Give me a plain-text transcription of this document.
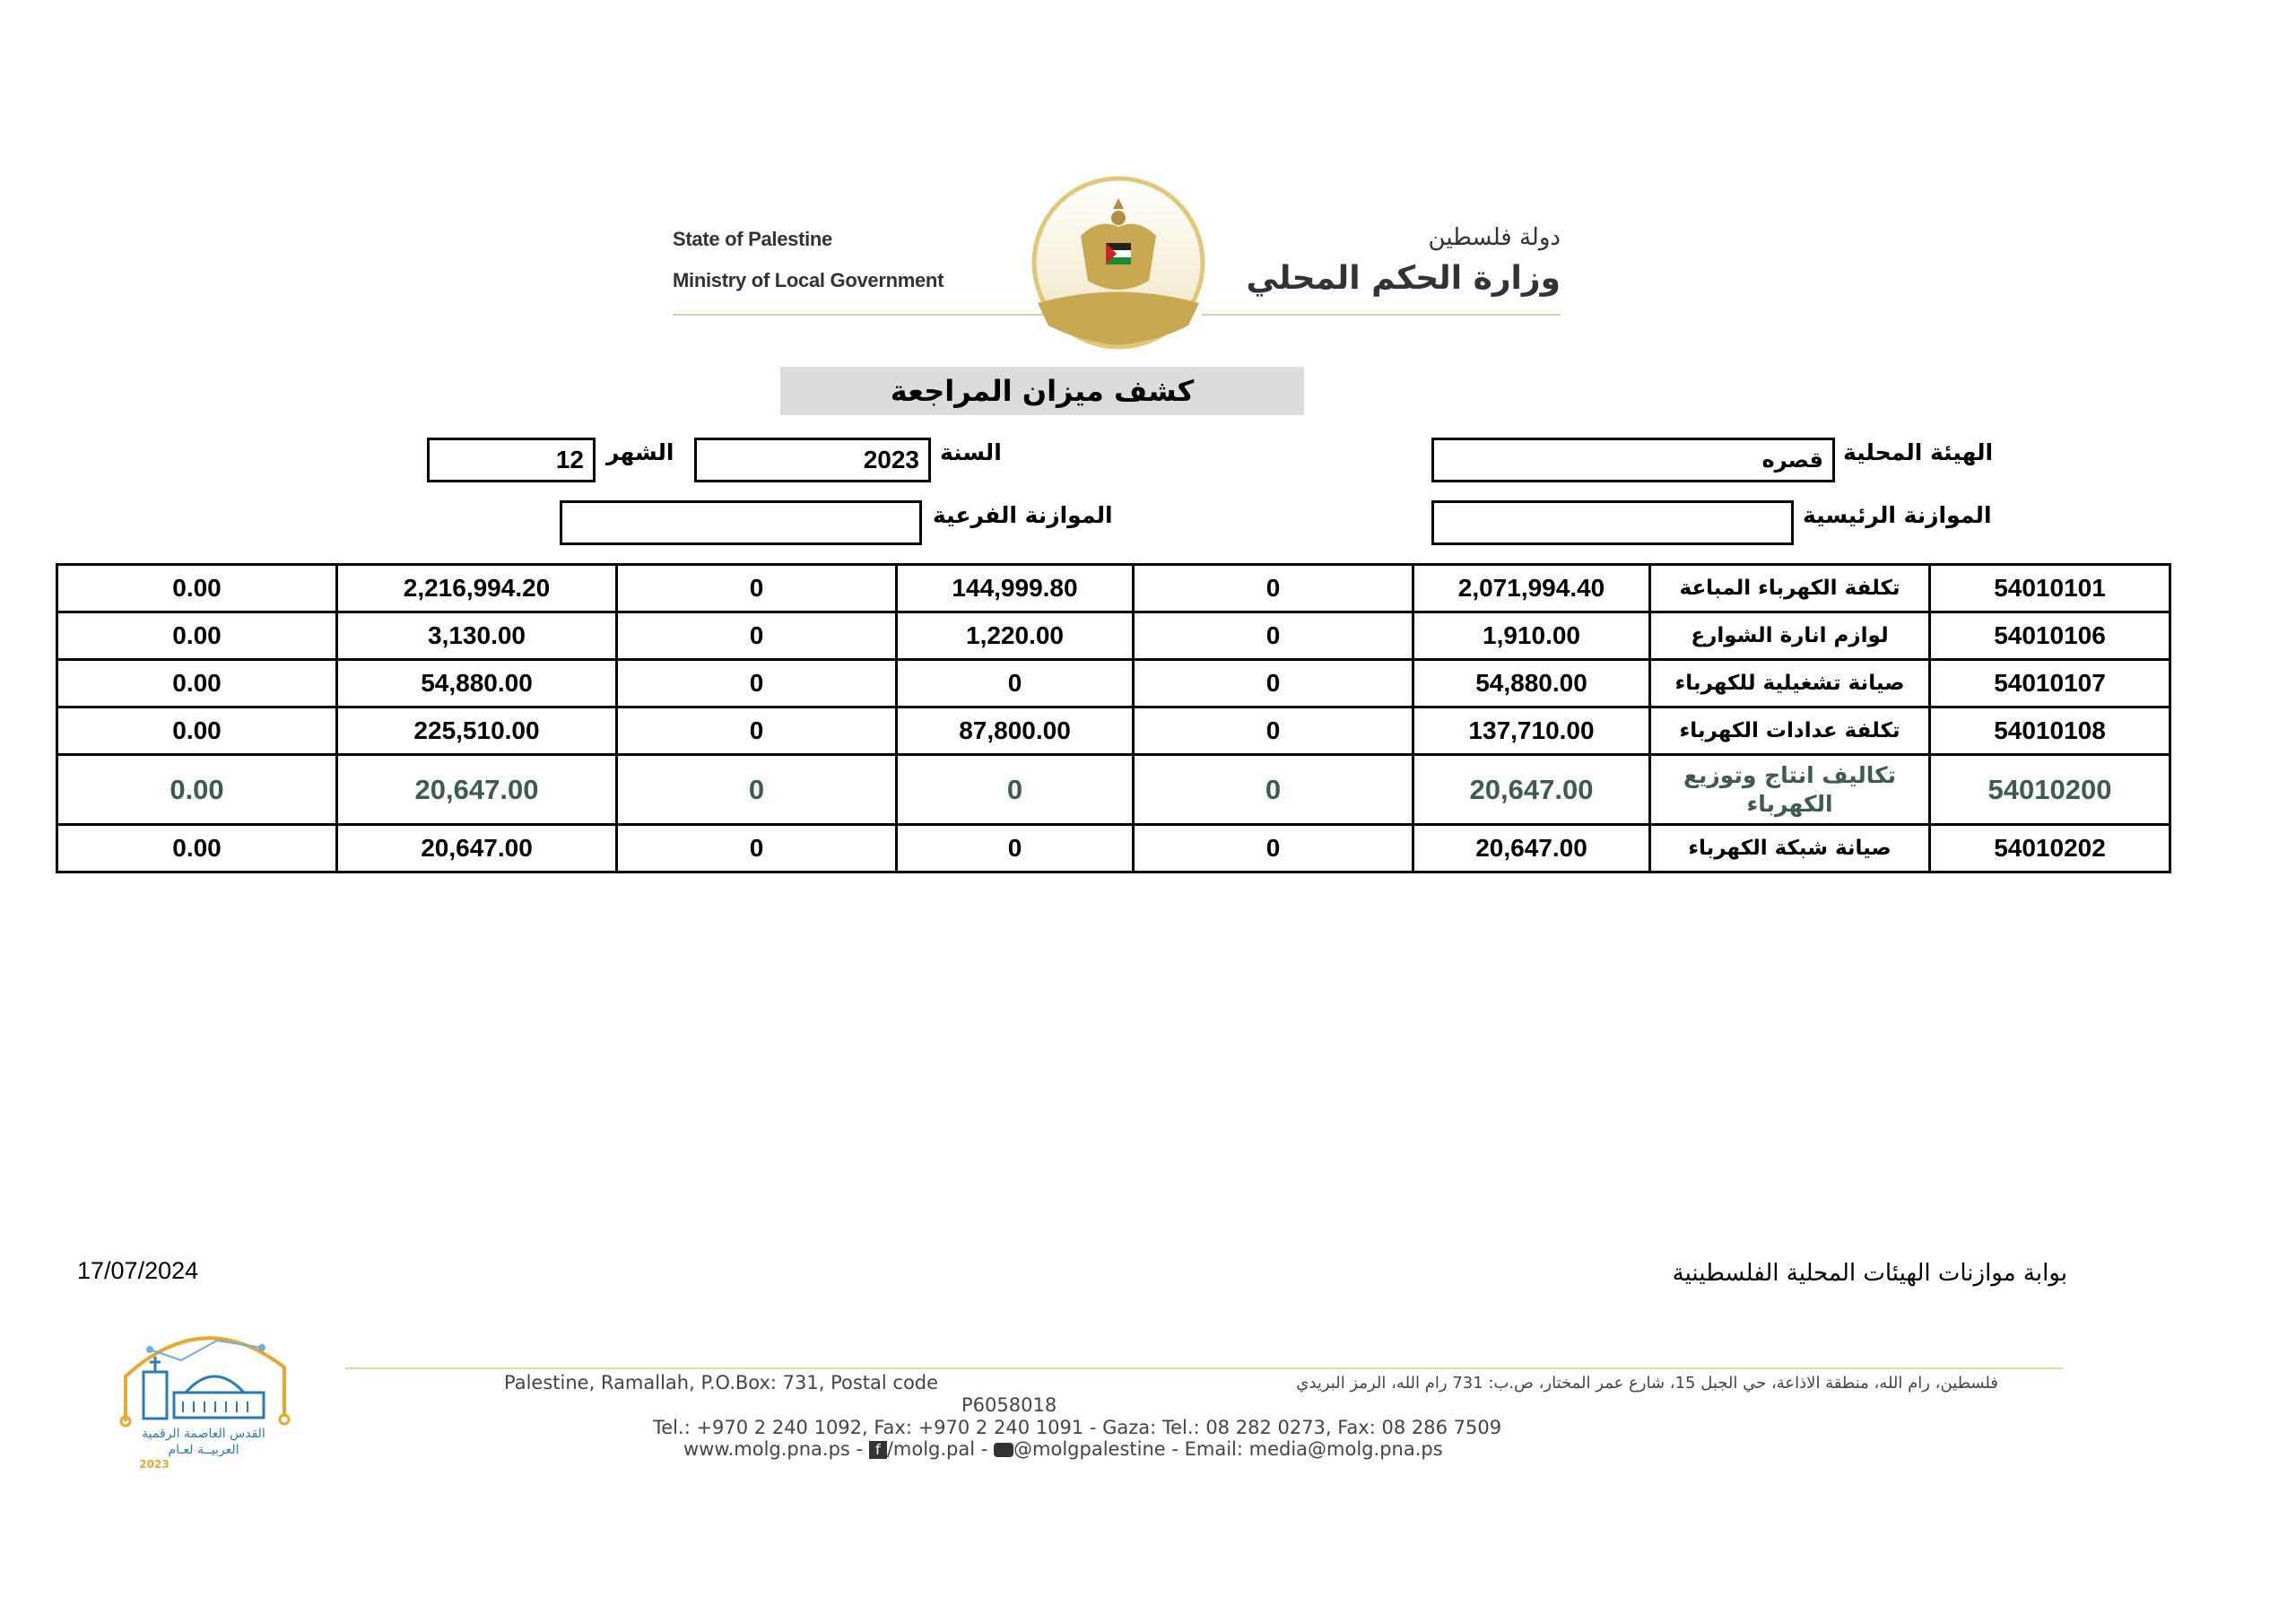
State of Palestine
Ministry of Local Government
دولة فلسطين
وزارة الحكم المحلي
كشف ميزان المراجعة
الهيئة المحلية
قصره
السنة
2023
الشهر
12
الموازنة الرئيسية
الموازنة الفرعية
0.00	2,216,994.20	0	144,999.80	0	2,071,994.40	تكلفة الكهرباء المباعة	54010101
0.00	3,130.00	0	1,220.00	0	1,910.00	لوازم انارة الشوارع	54010106
0.00	54,880.00	0	0	0	54,880.00	صيانة تشغيلية للكهرباء	54010107
0.00	225,510.00	0	87,800.00	0	137,710.00	تكلفة عدادات الكهرباء	54010108
0.00	20,647.00	0	0	0	20,647.00	تكاليف انتاج وتوزيع الكهرباء	54010200
0.00	20,647.00	0	0	0	20,647.00	صيانة شبكة الكهرباء	54010202
17/07/2024	بوابة موازنات الهيئات المحلية الفلسطينية
Palestine, Ramallah, P.O.Box: 731, Postal code
P6058018
فلسطين، رام الله، منطقة الاذاعة، حي الجبل 15، شارع عمر المختار، ص.ب: 731 رام الله، الرمز البريدي
Tel.: +970 2 240 1092, Fax: +970 2 240 1091 - Gaza: Tel.: 08 282 0273, Fax: 08 286 7509
www.molg.pna.ps - f /molg.pal - @molgpalestine - Email: media@molg.pna.ps
القدس العاصمة الرقمية
العربيــة لعـام
2023
